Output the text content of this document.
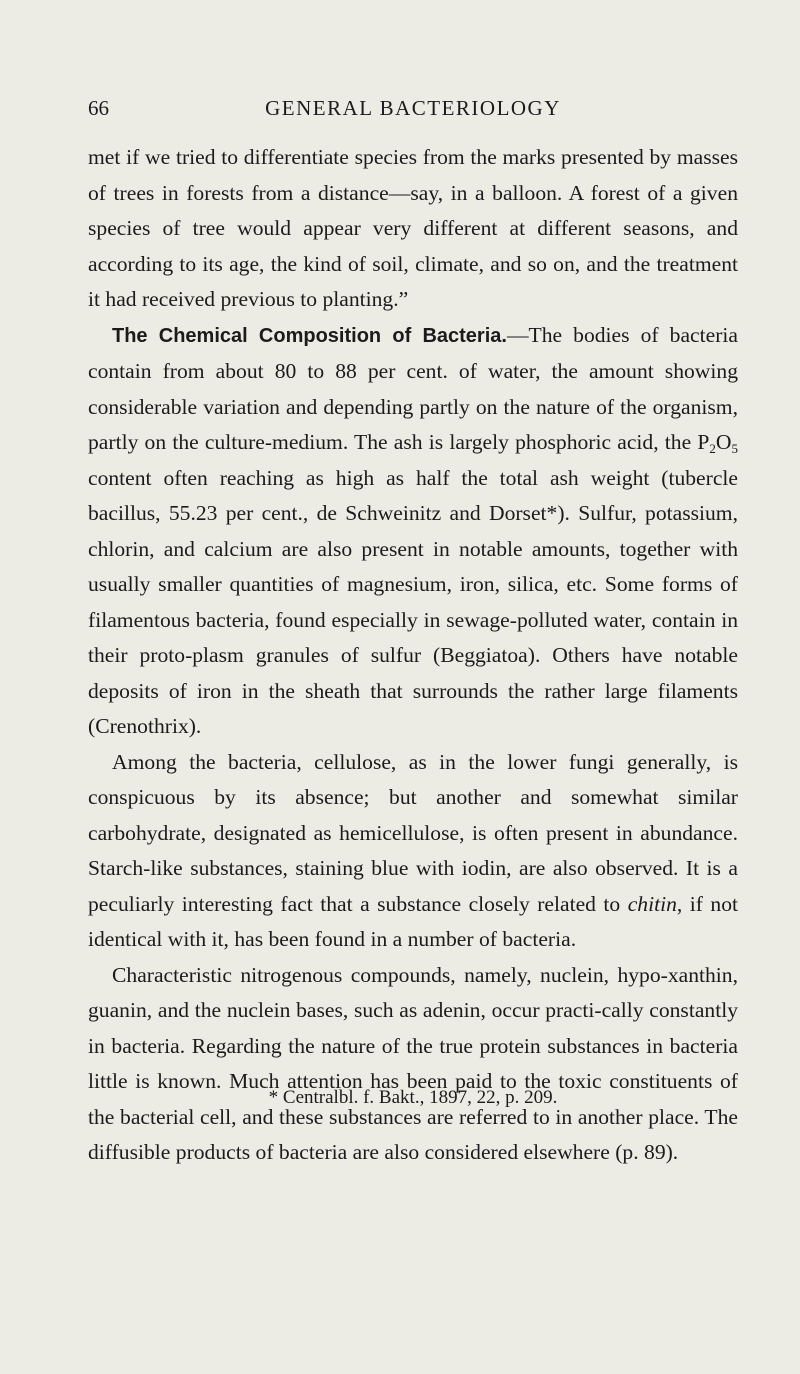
66	GENERAL BACTERIOLOGY

met if we tried to differentiate species from the marks presented by masses of trees in forests from a distance—say, in a balloon. A forest of a given species of tree would appear very different at different seasons, and according to its age, the kind of soil, climate, and so on, and the treatment it had received previous to planting.”

The Chemical Composition of Bacteria.—The bodies of bacteria contain from about 80 to 88 per cent. of water, the amount showing considerable variation and depending partly on the nature of the organism, partly on the culture-medium. The ash is largely phosphoric acid, the $P_2O_5$ content often reaching as high as half the total ash weight (tubercle bacillus, 55.23 per cent., de Schweinitz and Dorset*). Sulfur, potassium, chlorin, and calcium are also present in notable amounts, together with usually smaller quantities of magnesium, iron, silica, etc. Some forms of filamentous bacteria, found especially in sewage-polluted water, contain in their proto-plasm granules of sulfur (Beggiatoa). Others have notable deposits of iron in the sheath that surrounds the rather large filaments (Crenothrix).

Among the bacteria, cellulose, as in the lower fungi generally, is conspicuous by its absence; but another and somewhat similar carbohydrate, designated as hemicellulose, is often present in abundance. Starch-like substances, staining blue with iodin, are also observed. It is a peculiarly interesting fact that a substance closely related to chitin, if not identical with it, has been found in a number of bacteria.

Characteristic nitrogenous compounds, namely, nuclein, hypo-xanthin, guanin, and the nuclein bases, such as adenin, occur practi-cally constantly in bacteria. Regarding the nature of the true protein substances in bacteria little is known. Much attention has been paid to the toxic constituents of the bacterial cell, and these substances are referred to in another place. The diffusible products of bacteria are also considered elsewhere (p. 89).

* Centralbl. f. Bakt., 1897, 22, p. 209.
